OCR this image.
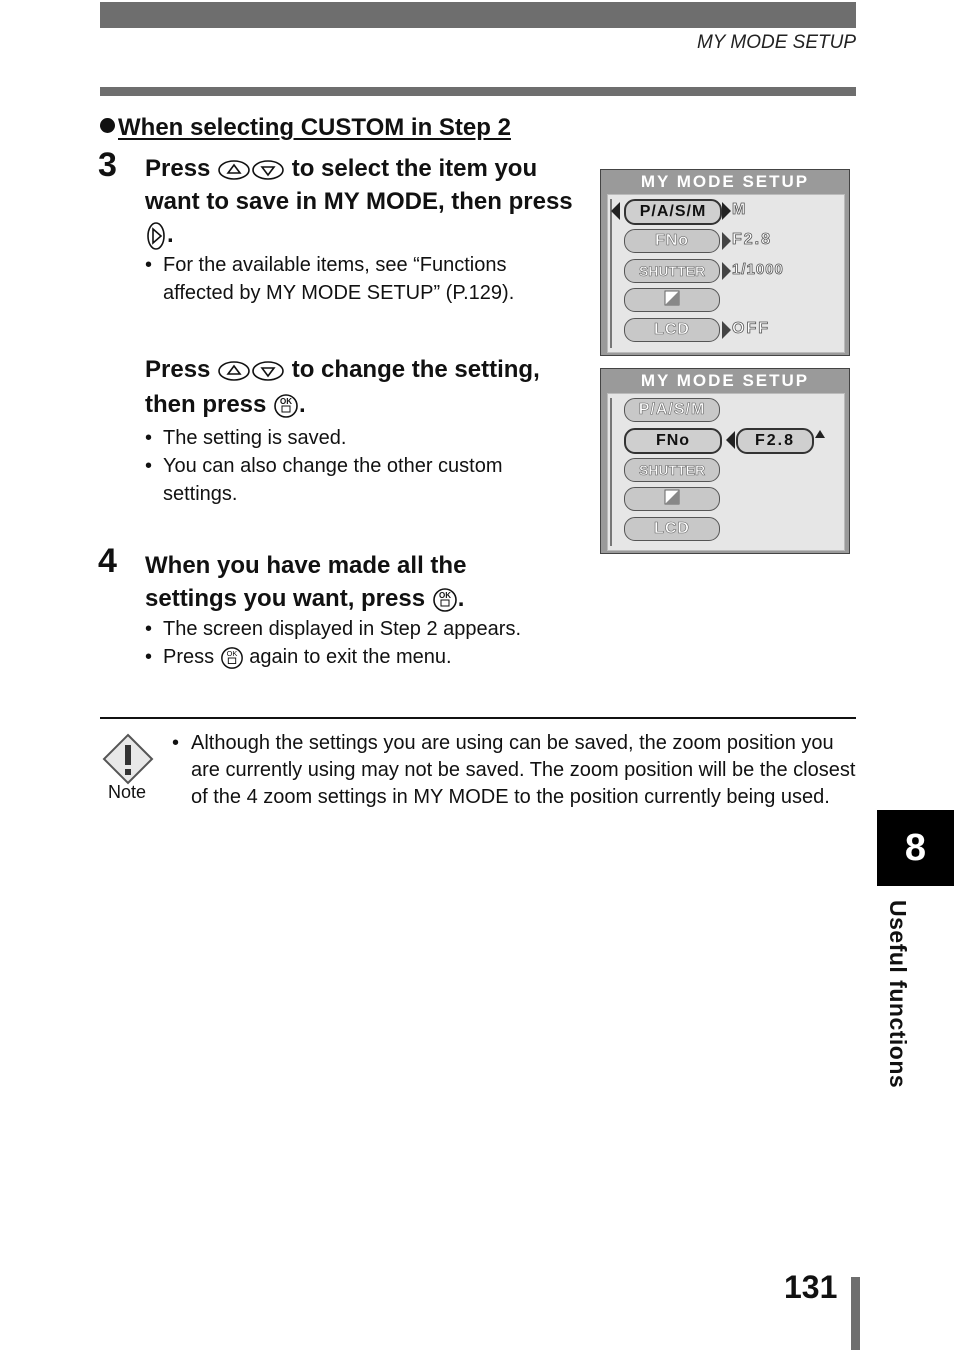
MY MODE SETUP
When selecting CUSTOM in Step 2
3 Press	to select the item you want to save in MY MODE, then press .
• For the available items, see “Functions affected by MY MODE SETUP” (P.129).
Press	to change the setting, then press OK .
• The setting is saved.
• You can also change the other custom settings.
4 When you have made all the settings you want, press OK .
• The screen displayed in Step 2 appears.
• Press OK again to exit the menu.
MY MODE SETUP
P/A/S/M	M
FNo	F2.8
SHUTTER	1/1000
LCD	OFF
MY MODE SETUP
P/A/S/M
FNo	F2.8
SHUTTER
LCD
Note
• Although the settings you are using can be saved, the zoom position you are currently using may not be saved. The zoom position will be the closest of the 4 zoom settings in MY MODE to the position currently being used.
8
Useful functions
131
